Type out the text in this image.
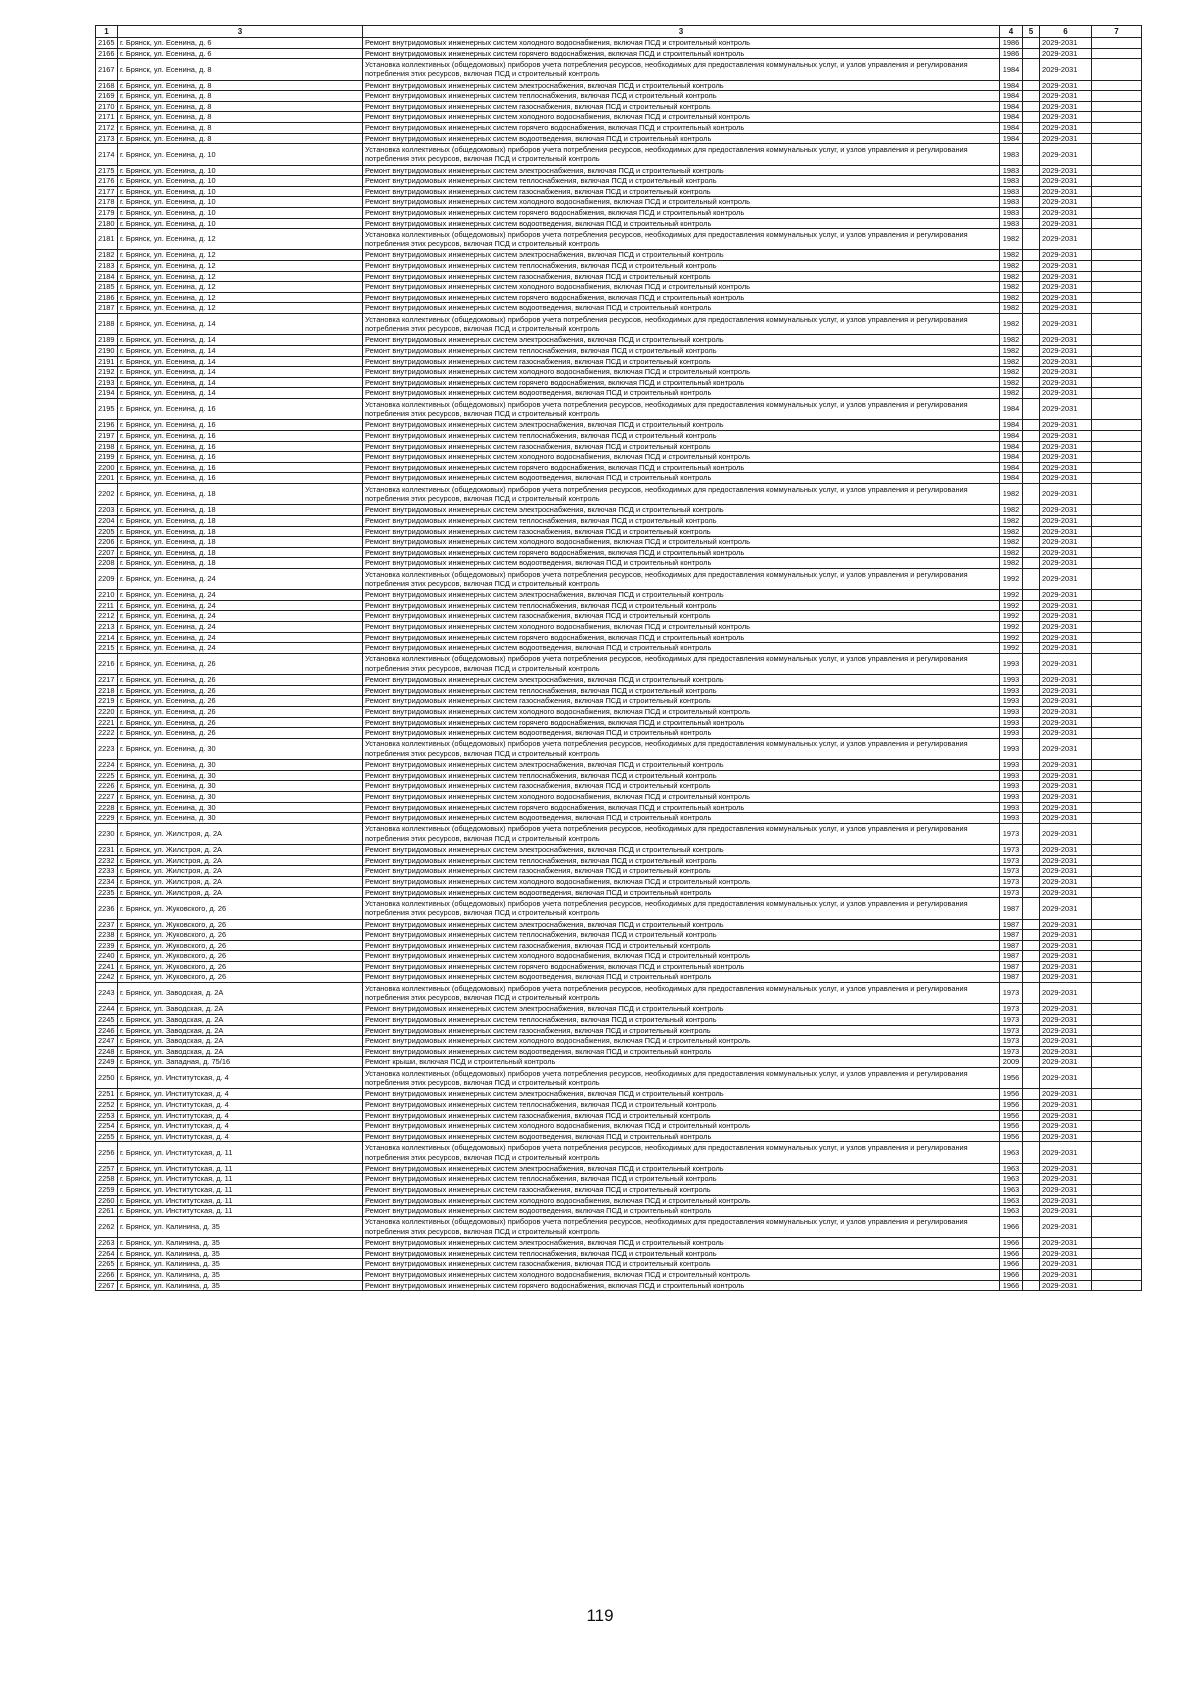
1	3	3	4	5	6	7
2165	г. Брянск, ул. Есенина, д. 6	Ремонт внутридомовых инженерных систем холодного водоснабжения, включая ПСД и строительный контроль	1986		2029-2031	
2166	г. Брянск, ул. Есенина, д. 6	Ремонт внутридомовых инженерных систем горячего водоснабжения, включая ПСД и строительный контроль	1986		2029-2031	
2167	г. Брянск, ул. Есенина, д. 8	Установка коллективных (общедомовых) приборов учета потребления ресурсов, необходимых для предоставления коммунальных услуг, и узлов управления и регулирования потребления этих ресурсов, включая ПСД и строительный контроль	1984		2029-2031	
2168	г. Брянск, ул. Есенина, д. 8	Ремонт внутридомовых инженерных систем электроснабжения, включая ПСД и строительный контроль	1984		2029-2031	
2169	г. Брянск, ул. Есенина, д. 8	Ремонт внутридомовых инженерных систем теплоснабжения, включая ПСД и строительный контроль	1984		2029-2031	
2170	г. Брянск, ул. Есенина, д. 8	Ремонт внутридомовых инженерных систем газоснабжения, включая ПСД и строительный контроль	1984		2029-2031	
2171	г. Брянск, ул. Есенина, д. 8	Ремонт внутридомовых инженерных систем холодного водоснабжения, включая ПСД и строительный контроль	1984		2029-2031	
2172	г. Брянск, ул. Есенина, д. 8	Ремонт внутридомовых инженерных систем горячего водоснабжения, включая ПСД и строительный контроль	1984		2029-2031	
2173	г. Брянск, ул. Есенина, д. 8	Ремонт внутридомовых инженерных систем водоотведения, включая ПСД и строительный контроль	1984		2029-2031	
2174	г. Брянск, ул. Есенина, д. 10	Установка коллективных (общедомовых) приборов учета потребления ресурсов, необходимых для предоставления коммунальных услуг, и узлов управления и регулирования потребления этих ресурсов, включая ПСД и строительный контроль	1983		2029-2031	
2175	г. Брянск, ул. Есенина, д. 10	Ремонт внутридомовых инженерных систем электроснабжения, включая ПСД и строительный контроль	1983		2029-2031	
2176	г. Брянск, ул. Есенина, д. 10	Ремонт внутридомовых инженерных систем теплоснабжения, включая ПСД и строительный контроль	1983		2029-2031	
2177	г. Брянск, ул. Есенина, д. 10	Ремонт внутридомовых инженерных систем газоснабжения, включая ПСД и строительный контроль	1983		2029-2031	
2178	г. Брянск, ул. Есенина, д. 10	Ремонт внутридомовых инженерных систем холодного водоснабжения, включая ПСД и строительный контроль	1983		2029-2031	
2179	г. Брянск, ул. Есенина, д. 10	Ремонт внутридомовых инженерных систем горячего водоснабжения, включая ПСД и строительный контроль	1983		2029-2031	
2180	г. Брянск, ул. Есенина, д. 10	Ремонт внутридомовых инженерных систем водоотведения, включая ПСД и строительный контроль	1983		2029-2031	
2181	г. Брянск, ул. Есенина, д. 12	Установка коллективных (общедомовых) приборов учета потребления ресурсов, необходимых для предоставления коммунальных услуг, и узлов управления и регулирования потребления этих ресурсов, включая ПСД и строительный контроль	1982		2029-2031	
2182	г. Брянск, ул. Есенина, д. 12	Ремонт внутридомовых инженерных систем электроснабжения, включая ПСД и строительный контроль	1982		2029-2031	
2183	г. Брянск, ул. Есенина, д. 12	Ремонт внутридомовых инженерных систем теплоснабжения, включая ПСД и строительный контроль	1982		2029-2031	
2184	г. Брянск, ул. Есенина, д. 12	Ремонт внутридомовых инженерных систем газоснабжения, включая ПСД и строительный контроль	1982		2029-2031	
2185	г. Брянск, ул. Есенина, д. 12	Ремонт внутридомовых инженерных систем холодного водоснабжения, включая ПСД и строительный контроль	1982		2029-2031	
2186	г. Брянск, ул. Есенина, д. 12	Ремонт внутридомовых инженерных систем горячего водоснабжения, включая ПСД и строительный контроль	1982		2029-2031	
2187	г. Брянск, ул. Есенина, д. 12	Ремонт внутридомовых инженерных систем водоотведения, включая ПСД и строительный контроль	1982		2029-2031	
2188	г. Брянск, ул. Есенина, д. 14	Установка коллективных (общедомовых) приборов учета потребления ресурсов, необходимых для предоставления коммунальных услуг, и узлов управления и регулирования потребления этих ресурсов, включая ПСД и строительный контроль	1982		2029-2031	
2189	г. Брянск, ул. Есенина, д. 14	Ремонт внутридомовых инженерных систем электроснабжения, включая ПСД и строительный контроль	1982		2029-2031	
2190	г. Брянск, ул. Есенина, д. 14	Ремонт внутридомовых инженерных систем теплоснабжения, включая ПСД и строительный контроль	1982		2029-2031	
2191	г. Брянск, ул. Есенина, д. 14	Ремонт внутридомовых инженерных систем газоснабжения, включая ПСД и строительный контроль	1982		2029-2031	
2192	г. Брянск, ул. Есенина, д. 14	Ремонт внутридомовых инженерных систем холодного водоснабжения, включая ПСД и строительный контроль	1982		2029-2031	
2193	г. Брянск, ул. Есенина, д. 14	Ремонт внутридомовых инженерных систем горячего водоснабжения, включая ПСД и строительный контроль	1982		2029-2031	
2194	г. Брянск, ул. Есенина, д. 14	Ремонт внутридомовых инженерных систем водоотведения, включая ПСД и строительный контроль	1982		2029-2031	
2195	г. Брянск, ул. Есенина, д. 16	Установка коллективных (общедомовых) приборов учета потребления ресурсов, необходимых для предоставления коммунальных услуг, и узлов управления и регулирования потребления этих ресурсов, включая ПСД и строительный контроль	1984		2029-2031	
2196	г. Брянск, ул. Есенина, д. 16	Ремонт внутридомовых инженерных систем электроснабжения, включая ПСД и строительный контроль	1984		2029-2031	
2197	г. Брянск, ул. Есенина, д. 16	Ремонт внутридомовых инженерных систем теплоснабжения, включая ПСД и строительный контроль	1984		2029-2031	
2198	г. Брянск, ул. Есенина, д. 16	Ремонт внутридомовых инженерных систем газоснабжения, включая ПСД и строительный контроль	1984		2029-2031	
2199	г. Брянск, ул. Есенина, д. 16	Ремонт внутридомовых инженерных систем холодного водоснабжения, включая ПСД и строительный контроль	1984		2029-2031	
2200	г. Брянск, ул. Есенина, д. 16	Ремонт внутридомовых инженерных систем горячего водоснабжения, включая ПСД и строительный контроль	1984		2029-2031	
2201	г. Брянск, ул. Есенина, д. 16	Ремонт внутридомовых инженерных систем водоотведения, включая ПСД и строительный контроль	1984		2029-2031	
2202	г. Брянск, ул. Есенина, д. 18	Установка коллективных (общедомовых) приборов учета потребления ресурсов, необходимых для предоставления коммунальных услуг, и узлов управления и регулирования потребления этих ресурсов, включая ПСД и строительный контроль	1982		2029-2031	
2203	г. Брянск, ул. Есенина, д. 18	Ремонт внутридомовых инженерных систем электроснабжения, включая ПСД и строительный контроль	1982		2029-2031	
2204	г. Брянск, ул. Есенина, д. 18	Ремонт внутридомовых инженерных систем теплоснабжения, включая ПСД и строительный контроль	1982		2029-2031	
2205	г. Брянск, ул. Есенина, д. 18	Ремонт внутридомовых инженерных систем газоснабжения, включая ПСД и строительный контроль	1982		2029-2031	
2206	г. Брянск, ул. Есенина, д. 18	Ремонт внутридомовых инженерных систем холодного водоснабжения, включая ПСД и строительный контроль	1982		2029-2031	
2207	г. Брянск, ул. Есенина, д. 18	Ремонт внутридомовых инженерных систем горячего водоснабжения, включая ПСД и строительный контроль	1982		2029-2031	
2208	г. Брянск, ул. Есенина, д. 18	Ремонт внутридомовых инженерных систем водоотведения, включая ПСД и строительный контроль	1982		2029-2031	
2209	г. Брянск, ул. Есенина, д. 24	Установка коллективных (общедомовых) приборов учета потребления ресурсов, необходимых для предоставления коммунальных услуг, и узлов управления и регулирования потребления этих ресурсов, включая ПСД и строительный контроль	1992		2029-2031	
2210	г. Брянск, ул. Есенина, д. 24	Ремонт внутридомовых инженерных систем электроснабжения, включая ПСД и строительный контроль	1992		2029-2031	
2211	г. Брянск, ул. Есенина, д. 24	Ремонт внутридомовых инженерных систем теплоснабжения, включая ПСД и строительный контроль	1992		2029-2031	
2212	г. Брянск, ул. Есенина, д. 24	Ремонт внутридомовых инженерных систем газоснабжения, включая ПСД и строительный контроль	1992		2029-2031	
2213	г. Брянск, ул. Есенина, д. 24	Ремонт внутридомовых инженерных систем холодного водоснабжения, включая ПСД и строительный контроль	1992		2029-2031	
2214	г. Брянск, ул. Есенина, д. 24	Ремонт внутридомовых инженерных систем горячего водоснабжения, включая ПСД и строительный контроль	1992		2029-2031	
2215	г. Брянск, ул. Есенина, д. 24	Ремонт внутридомовых инженерных систем водоотведения, включая ПСД и строительный контроль	1992		2029-2031	
2216	г. Брянск, ул. Есенина, д. 26	Установка коллективных (общедомовых) приборов учета потребления ресурсов, необходимых для предоставления коммунальных услуг, и узлов управления и регулирования потребления этих ресурсов, включая ПСД и строительный контроль	1993		2029-2031	
2217	г. Брянск, ул. Есенина, д. 26	Ремонт внутридомовых инженерных систем электроснабжения, включая ПСД и строительный контроль	1993		2029-2031	
2218	г. Брянск, ул. Есенина, д. 26	Ремонт внутридомовых инженерных систем теплоснабжения, включая ПСД и строительный контроль	1993		2029-2031	
2219	г. Брянск, ул. Есенина, д. 26	Ремонт внутридомовых инженерных систем газоснабжения, включая ПСД и строительный контроль	1993		2029-2031	
2220	г. Брянск, ул. Есенина, д. 26	Ремонт внутридомовых инженерных систем холодного водоснабжения, включая ПСД и строительный контроль	1993		2029-2031	
2221	г. Брянск, ул. Есенина, д. 26	Ремонт внутридомовых инженерных систем горячего водоснабжения, включая ПСД и строительный контроль	1993		2029-2031	
2222	г. Брянск, ул. Есенина, д. 26	Ремонт внутридомовых инженерных систем водоотведения, включая ПСД и строительный контроль	1993		2029-2031	
2223	г. Брянск, ул. Есенина, д. 30	Установка коллективных (общедомовых) приборов учета потребления ресурсов, необходимых для предоставления коммунальных услуг, и узлов управления и регулирования потребления этих ресурсов, включая ПСД и строительный контроль	1993		2029-2031	
2224	г. Брянск, ул. Есенина, д. 30	Ремонт внутридомовых инженерных систем электроснабжения, включая ПСД и строительный контроль	1993		2029-2031	
2225	г. Брянск, ул. Есенина, д. 30	Ремонт внутридомовых инженерных систем теплоснабжения, включая ПСД и строительный контроль	1993		2029-2031	
2226	г. Брянск, ул. Есенина, д. 30	Ремонт внутридомовых инженерных систем газоснабжения, включая ПСД и строительный контроль	1993		2029-2031	
2227	г. Брянск, ул. Есенина, д. 30	Ремонт внутридомовых инженерных систем холодного водоснабжения, включая ПСД и строительный контроль	1993		2029-2031	
2228	г. Брянск, ул. Есенина, д. 30	Ремонт внутридомовых инженерных систем горячего водоснабжения, включая ПСД и строительный контроль	1993		2029-2031	
2229	г. Брянск, ул. Есенина, д. 30	Ремонт внутридомовых инженерных систем водоотведения, включая ПСД и строительный контроль	1993		2029-2031	
2230	г. Брянск, ул. Жилстроя, д. 2А	Установка коллективных (общедомовых) приборов учета потребления ресурсов, необходимых для предоставления коммунальных услуг, и узлов управления и регулирования потребления этих ресурсов, включая ПСД и строительный контроль	1973		2029-2031	
2231	г. Брянск, ул. Жилстроя, д. 2А	Ремонт внутридомовых инженерных систем электроснабжения, включая ПСД и строительный контроль	1973		2029-2031	
2232	г. Брянск, ул. Жилстроя, д. 2А	Ремонт внутридомовых инженерных систем теплоснабжения, включая ПСД и строительный контроль	1973		2029-2031	
2233	г. Брянск, ул. Жилстроя, д. 2А	Ремонт внутридомовых инженерных систем газоснабжения, включая ПСД и строительный контроль	1973		2029-2031	
2234	г. Брянск, ул. Жилстроя, д. 2А	Ремонт внутридомовых инженерных систем холодного водоснабжения, включая ПСД и строительный контроль	1973		2029-2031	
2235	г. Брянск, ул. Жилстроя, д. 2А	Ремонт внутридомовых инженерных систем водоотведения, включая ПСД и строительный контроль	1973		2029-2031	
2236	г. Брянск, ул. Жуковского, д. 26	Установка коллективных (общедомовых) приборов учета потребления ресурсов, необходимых для предоставления коммунальных услуг, и узлов управления и регулирования потребления этих ресурсов, включая ПСД и строительный контроль	1987		2029-2031	
2237	г. Брянск, ул. Жуковского, д. 26	Ремонт внутридомовых инженерных систем электроснабжения, включая ПСД и строительный контроль	1987		2029-2031	
2238	г. Брянск, ул. Жуковского, д. 26	Ремонт внутридомовых инженерных систем теплоснабжения, включая ПСД и строительный контроль	1987		2029-2031	
2239	г. Брянск, ул. Жуковского, д. 26	Ремонт внутридомовых инженерных систем газоснабжения, включая ПСД и строительный контроль	1987		2029-2031	
2240	г. Брянск, ул. Жуковского, д. 26	Ремонт внутридомовых инженерных систем холодного водоснабжения, включая ПСД и строительный контроль	1987		2029-2031	
2241	г. Брянск, ул. Жуковского, д. 26	Ремонт внутридомовых инженерных систем горячего водоснабжения, включая ПСД и строительный контроль	1987		2029-2031	
2242	г. Брянск, ул. Жуковского, д. 26	Ремонт внутридомовых инженерных систем водоотведения, включая ПСД и строительный контроль	1987		2029-2031	
2243	г. Брянск, ул. Заводская, д. 2А	Установка коллективных (общедомовых) приборов учета потребления ресурсов, необходимых для предоставления коммунальных услуг, и узлов управления и регулирования потребления этих ресурсов, включая ПСД и строительный контроль	1973		2029-2031	
2244	г. Брянск, ул. Заводская, д. 2А	Ремонт внутридомовых инженерных систем электроснабжения, включая ПСД и строительный контроль	1973		2029-2031	
2245	г. Брянск, ул. Заводская, д. 2А	Ремонт внутридомовых инженерных систем теплоснабжения, включая ПСД и строительный контроль	1973		2029-2031	
2246	г. Брянск, ул. Заводская, д. 2А	Ремонт внутридомовых инженерных систем газоснабжения, включая ПСД и строительный контроль	1973		2029-2031	
2247	г. Брянск, ул. Заводская, д. 2А	Ремонт внутридомовых инженерных систем холодного водоснабжения, включая ПСД и строительный контроль	1973		2029-2031	
2248	г. Брянск, ул. Заводская, д. 2А	Ремонт внутридомовых инженерных систем водоотведения, включая ПСД и строительный контроль	1973		2029-2031	
2249	г. Брянск, ул. Западная, д. 75/16	Ремонт крыши, включая ПСД и строительный контроль	2009		2029-2031	
2250	г. Брянск, ул. Институтская, д. 4	Установка коллективных (общедомовых) приборов учета потребления ресурсов, необходимых для предоставления коммунальных услуг, и узлов управления и регулирования потребления этих ресурсов, включая ПСД и строительный контроль	1956		2029-2031	
2251	г. Брянск, ул. Институтская, д. 4	Ремонт внутридомовых инженерных систем электроснабжения, включая ПСД и строительный контроль	1956		2029-2031	
2252	г. Брянск, ул. Институтская, д. 4	Ремонт внутридомовых инженерных систем теплоснабжения, включая ПСД и строительный контроль	1956		2029-2031	
2253	г. Брянск, ул. Институтская, д. 4	Ремонт внутридомовых инженерных систем газоснабжения, включая ПСД и строительный контроль	1956		2029-2031	
2254	г. Брянск, ул. Институтская, д. 4	Ремонт внутридомовых инженерных систем холодного водоснабжения, включая ПСД и строительный контроль	1956		2029-2031	
2255	г. Брянск, ул. Институтская, д. 4	Ремонт внутридомовых инженерных систем водоотведения, включая ПСД и строительный контроль	1956		2029-2031	
2256	г. Брянск, ул. Институтская, д. 11	Установка коллективных (общедомовых) приборов учета потребления ресурсов, необходимых для предоставления коммунальных услуг, и узлов управления и регулирования потребления этих ресурсов, включая ПСД и строительный контроль	1963		2029-2031	
2257	г. Брянск, ул. Институтская, д. 11	Ремонт внутридомовых инженерных систем электроснабжения, включая ПСД и строительный контроль	1963		2029-2031	
2258	г. Брянск, ул. Институтская, д. 11	Ремонт внутридомовых инженерных систем теплоснабжения, включая ПСД и строительный контроль	1963		2029-2031	
2259	г. Брянск, ул. Институтская, д. 11	Ремонт внутридомовых инженерных систем газоснабжения, включая ПСД и строительный контроль	1963		2029-2031	
2260	г. Брянск, ул. Институтская, д. 11	Ремонт внутридомовых инженерных систем холодного водоснабжения, включая ПСД и строительный контроль	1963		2029-2031	
2261	г. Брянск, ул. Институтская, д. 11	Ремонт внутридомовых инженерных систем водоотведения, включая ПСД и строительный контроль	1963		2029-2031	
2262	г. Брянск, ул. Калинина, д. 35	Установка коллективных (общедомовых) приборов учета потребления ресурсов, необходимых для предоставления коммунальных услуг, и узлов управления и регулирования потребления этих ресурсов, включая ПСД и строительный контроль	1966		2029-2031	
2263	г. Брянск, ул. Калинина, д. 35	Ремонт внутридомовых инженерных систем электроснабжения, включая ПСД и строительный контроль	1966		2029-2031	
2264	г. Брянск, ул. Калинина, д. 35	Ремонт внутридомовых инженерных систем теплоснабжения, включая ПСД и строительный контроль	1966		2029-2031	
2265	г. Брянск, ул. Калинина, д. 35	Ремонт внутридомовых инженерных систем газоснабжения, включая ПСД и строительный контроль	1966		2029-2031	
2266	г. Брянск, ул. Калинина, д. 35	Ремонт внутридомовых инженерных систем холодного водоснабжения, включая ПСД и строительный контроль	1966		2029-2031	
2267	г. Брянск, ул. Калинина, д. 35	Ремонт внутридомовых инженерных систем горячего водоснабжения, включая ПСД и строительный контроль	1966		2029-2031	
119
